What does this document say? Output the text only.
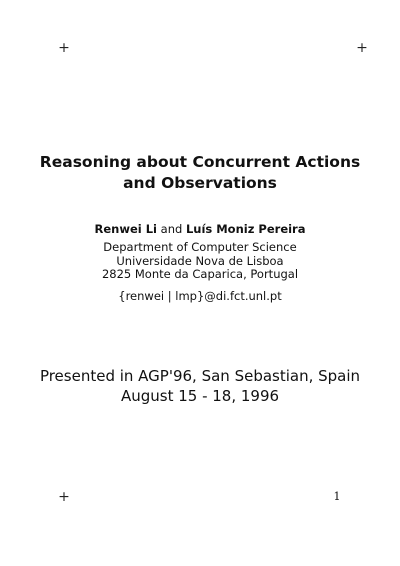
+	+
Reasoning about Concurrent Actions
and Observations
Renwei Li and Luís Moniz Pereira
Department of Computer Science
Universidade Nova de Lisboa
2825 Monte da Caparica, Portugal
{renwei | lmp}@di.fct.unl.pt
Presented in AGP'96, San Sebastian, Spain
August 15 - 18, 1996
+	1
